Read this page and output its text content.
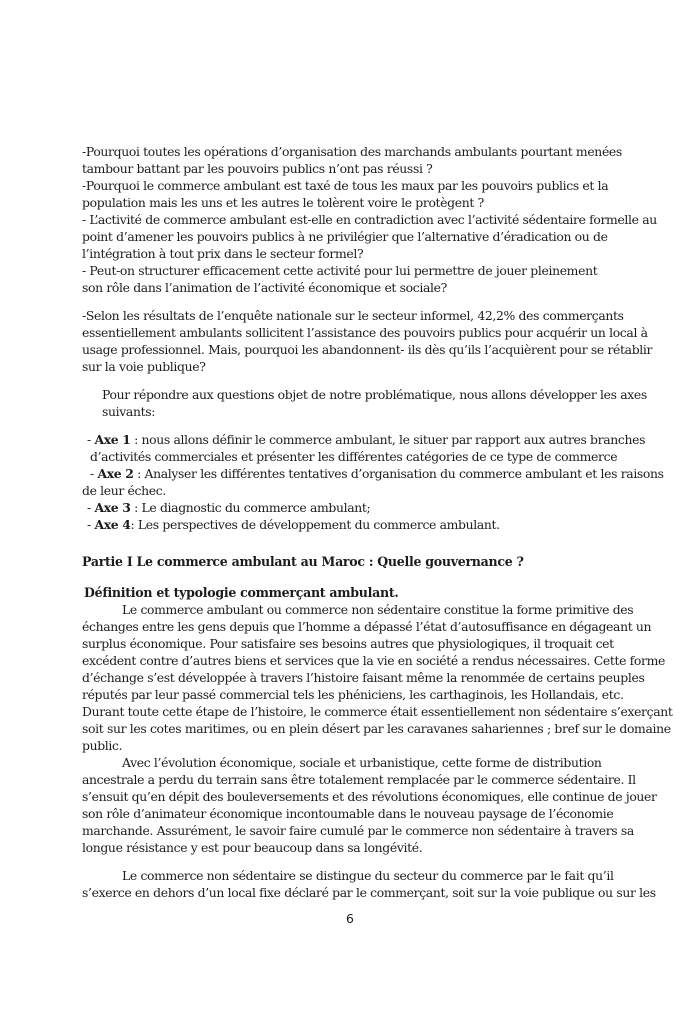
-Pourquoi toutes les opérations d’organisation des marchands ambulants pourtant menées
tambour battant par les pouvoirs publics n’ont pas réussi ?
-Pourquoi le commerce ambulant est taxé de tous les maux par les pouvoirs publics et la
population mais les uns et les autres le tolèrent voire le protègent ?
- L’activité de commerce ambulant est-elle en contradiction avec l’activité sédentaire formelle au
point d’amener les pouvoirs publics à ne privilégier que l’alternative d’éradication ou de
l’intégration à tout prix dans le secteur formel?
- Peut-on structurer efficacement cette activité pour lui permettre de jouer pleinement
son rôle dans l’animation de l’activité économique et sociale?
-Selon les résultats de l’enquête nationale sur le secteur informel, 42,2% des commerçants
essentiellement ambulants sollicitent l’assistance des pouvoirs publics pour acquérir un local à
usage professionnel. Mais, pourquoi les abandonnent- ils dès qu’ils l’acquièrent pour se rétablir
sur la voie publique?
Pour répondre aux questions objet de notre problématique, nous allons développer les axes
suivants:
- Axe 1 : nous allons définir le commerce ambulant, le situer par rapport aux autres branches
d’activités commerciales et présenter les différentes catégories de ce type de commerce
- Axe 2 : Analyser les différentes tentatives d’organisation du commerce ambulant et les raisons
de leur échec.
- Axe 3 : Le diagnostic du commerce ambulant;
- Axe 4: Les perspectives de développement du commerce ambulant.
Partie I Le commerce ambulant au Maroc : Quelle gouvernance ?
Définition et typologie commerçant ambulant.
Le commerce ambulant ou commerce non sédentaire constitue la forme primitive des
échanges entre les gens depuis que l’homme a dépassé l’état d’autosuffisance en dégageant un
surplus économique. Pour satisfaire ses besoins autres que physiologiques, il troquait cet
excédent contre d’autres biens et services que la vie en société a rendus nécessaires. Cette forme
d’échange s’est développée à travers l’histoire faisant même la renommée de certains peuples
réputés par leur passé commercial tels les phéniciens, les carthaginois, les Hollandais, etc.
Durant toute cette étape de l’histoire, le commerce était essentiellement non sédentaire s’exerçant
soit sur les cotes maritimes, ou en plein désert par les caravanes sahariennes ; bref sur le domaine
public.
Avec l’évolution économique, sociale et urbanistique, cette forme de distribution
ancestrale a perdu du terrain sans être totalement remplacée par le commerce sédentaire. Il
s’ensuit qu’en dépit des bouleversements et des révolutions économiques, elle continue de jouer
son rôle d’animateur économique incontoumable dans le nouveau paysage de l’économie
marchande. Assurément, le savoir faire cumulé par le commerce non sédentaire à travers sa
longue résistance y est pour beaucoup dans sa longévité.
Le commerce non sédentaire se distingue du secteur du commerce par le fait qu’il
s’exerce en dehors d’un local fixe déclaré par le commerçant, soit sur la voie publique ou sur les
6
